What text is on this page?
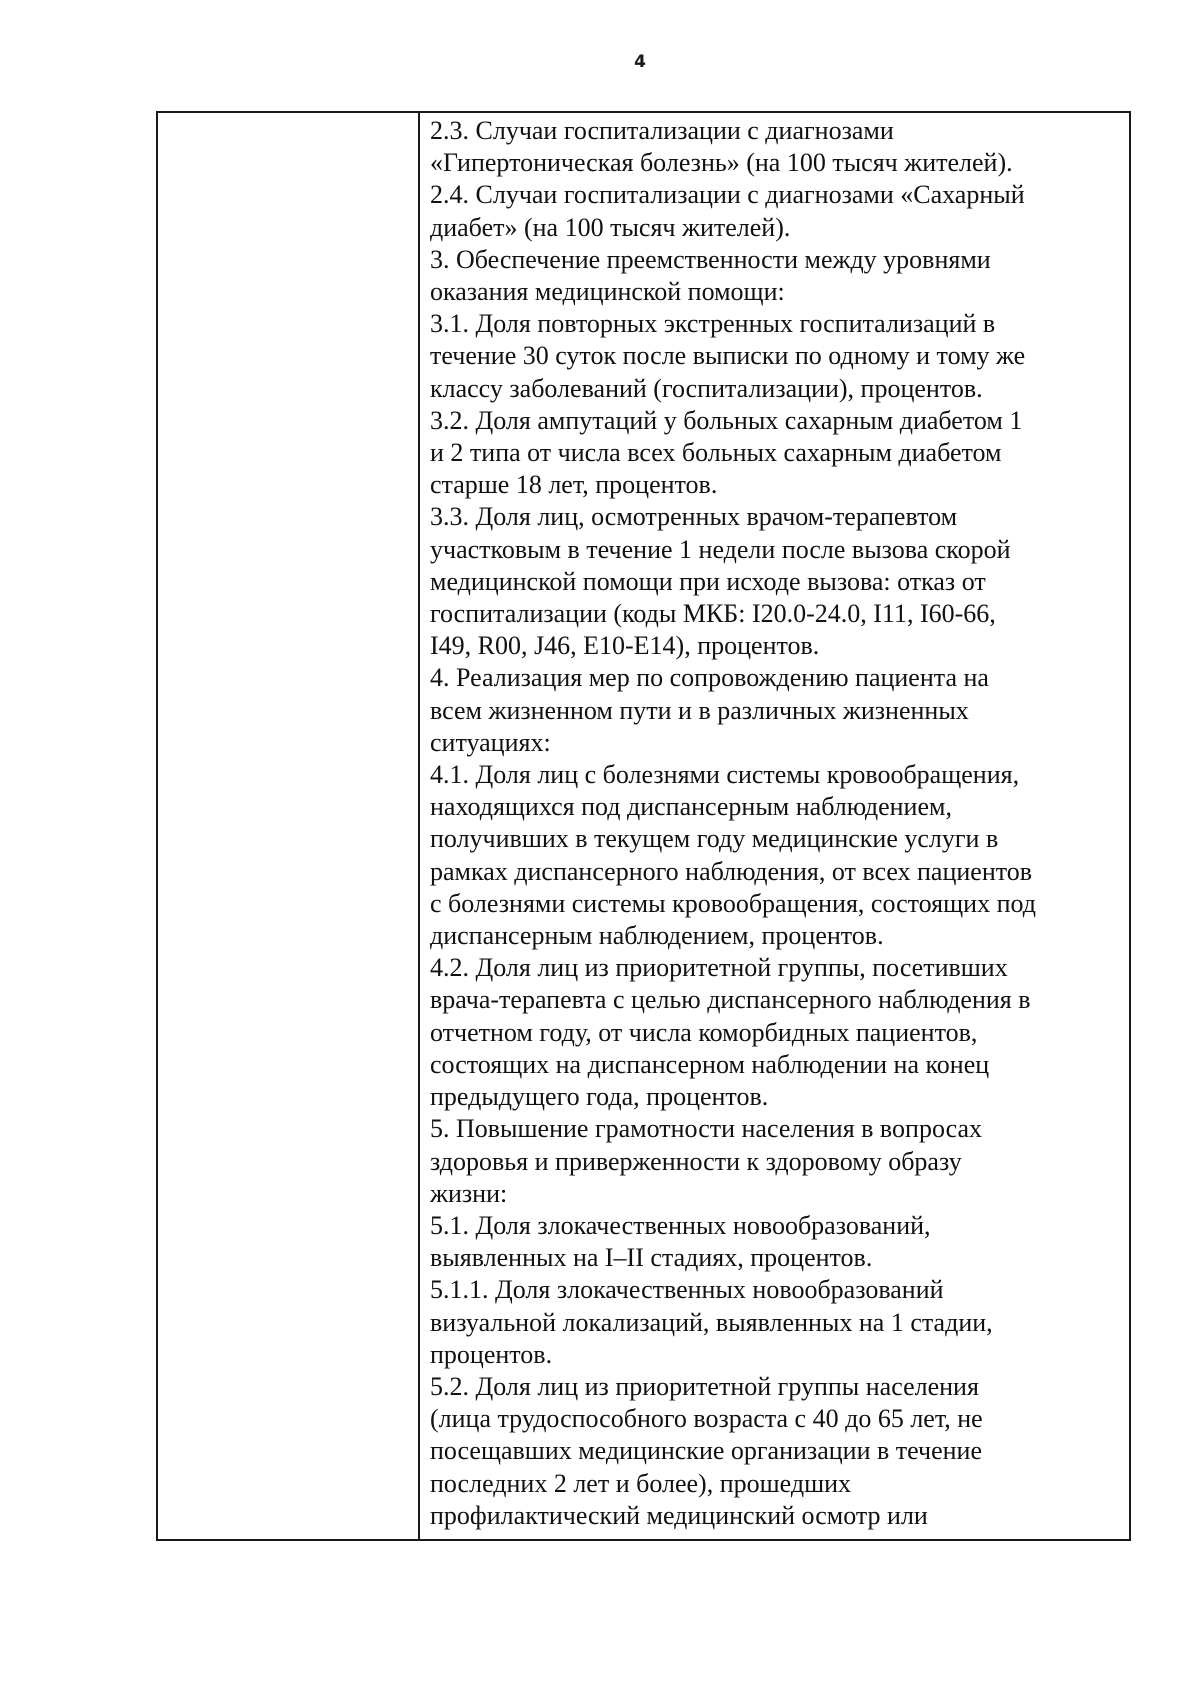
4
2.3. Случаи госпитализации с диагнозами
«Гипертоническая болезнь» (на 100 тысяч жителей).
2.4. Случаи госпитализации с диагнозами «Сахарный
диабет» (на 100 тысяч жителей).
3. Обеспечение преемственности между уровнями
оказания медицинской помощи:
3.1. Доля повторных экстренных госпитализаций в
течение 30 суток после выписки по одному и тому же
классу заболеваний (госпитализации), процентов.
3.2. Доля ампутаций у больных сахарным диабетом 1
и 2 типа от числа всех больных сахарным диабетом
старше 18 лет, процентов.
3.3. Доля лиц, осмотренных врачом-терапевтом
участковым в течение 1 недели после вызова скорой
медицинской помощи при исходе вызова: отказ от
госпитализации (коды МКБ: I20.0-24.0, I11, I60-66,
I49, R00, J46, E10-E14), процентов.
4. Реализация мер по сопровождению пациента на
всем жизненном пути и в различных жизненных
ситуациях:
4.1. Доля лиц с болезнями системы кровообращения,
находящихся под диспансерным наблюдением,
получивших в текущем году медицинские услуги в
рамках диспансерного наблюдения, от всех пациентов
с болезнями системы кровообращения, состоящих под
диспансерным наблюдением, процентов.
4.2. Доля лиц из приоритетной группы, посетивших
врача-терапевта с целью диспансерного наблюдения в
отчетном году, от числа коморбидных пациентов,
состоящих на диспансерном наблюдении на конец
предыдущего года, процентов.
5. Повышение грамотности населения в вопросах
здоровья и приверженности к здоровому образу
жизни:
5.1. Доля злокачественных новообразований,
выявленных на I–II стадиях, процентов.
5.1.1. Доля злокачественных новообразований
визуальной локализаций, выявленных на 1 стадии,
процентов.
5.2. Доля лиц из приоритетной группы населения
(лица трудоспособного возраста с 40 до 65 лет, не
посещавших медицинские организации в течение
последних 2 лет и более), прошедших
профилактический медицинский осмотр или
